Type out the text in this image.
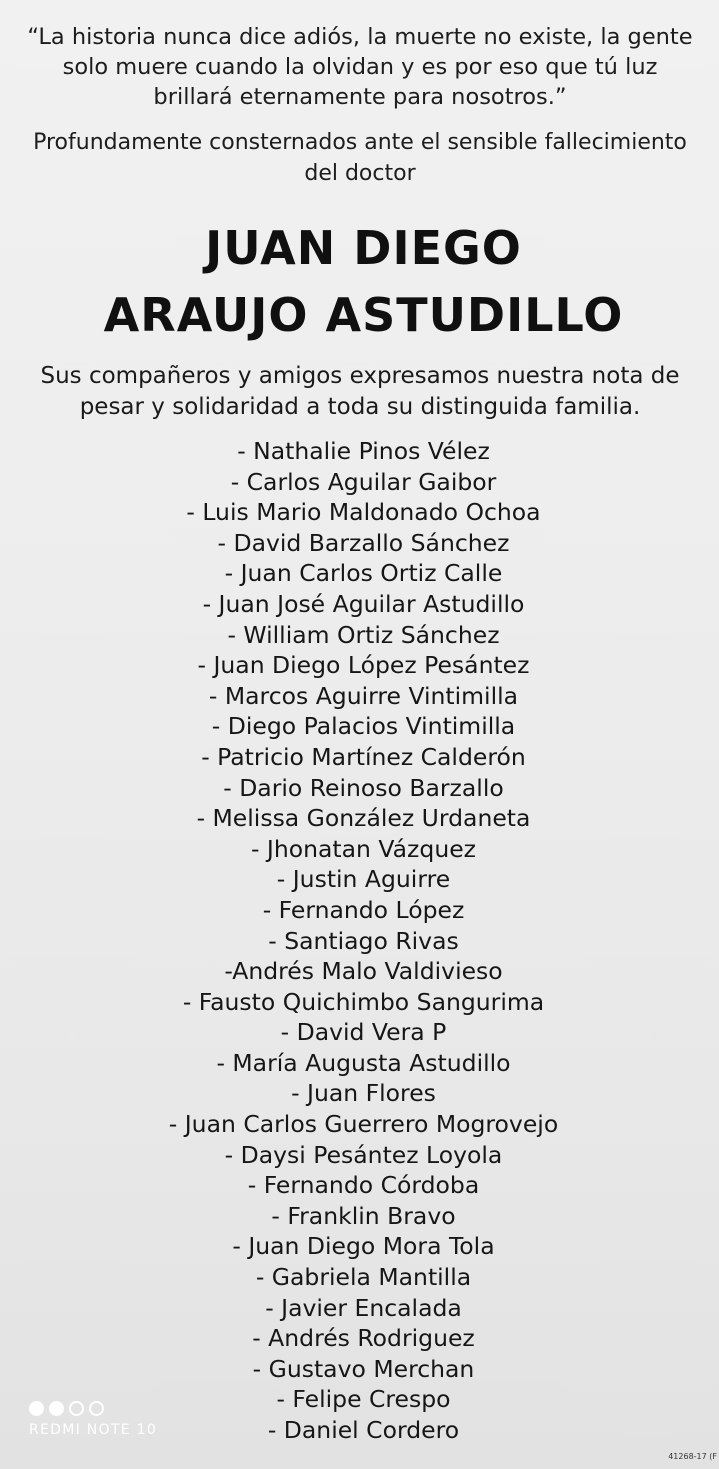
“La historia nunca dice adiós, la muerte no existe, la gente solo muere cuando la olvidan y es por eso que tú luz brillará eternamente para nosotros.”
Profundamente consternados ante el sensible fallecimiento del doctor
JUAN DIEGO
ARAUJO ASTUDILLO
Sus compañeros y amigos expresamos nuestra nota de pesar y solidaridad a toda su distinguida familia.
- Nathalie Pinos Vélez
- Carlos Aguilar Gaibor
- Luis Mario Maldonado Ochoa
- David Barzallo Sánchez
- Juan Carlos Ortiz Calle
- Juan José Aguilar Astudillo
- William Ortiz Sánchez
- Juan Diego López Pesántez
- Marcos Aguirre Vintimilla
- Diego Palacios Vintimilla
- Patricio Martínez Calderón
- Dario Reinoso Barzallo
- Melissa González Urdaneta
- Jhonatan Vázquez
- Justin Aguirre
- Fernando López
- Santiago Rivas
-Andrés Malo Valdivieso
- Fausto Quichimbo Sangurima
- David Vera P
- María Augusta Astudillo
- Juan Flores
- Juan Carlos Guerrero Mogrovejo
- Daysi Pesántez Loyola
- Fernando Córdoba
- Franklin Bravo
- Juan Diego Mora Tola
- Gabriela Mantilla
- Javier Encalada
- Andrés Rodriguez
- Gustavo Merchan
- Felipe Crespo
- Daniel Cordero
41268-17 (F
REDMI NOTE 10
